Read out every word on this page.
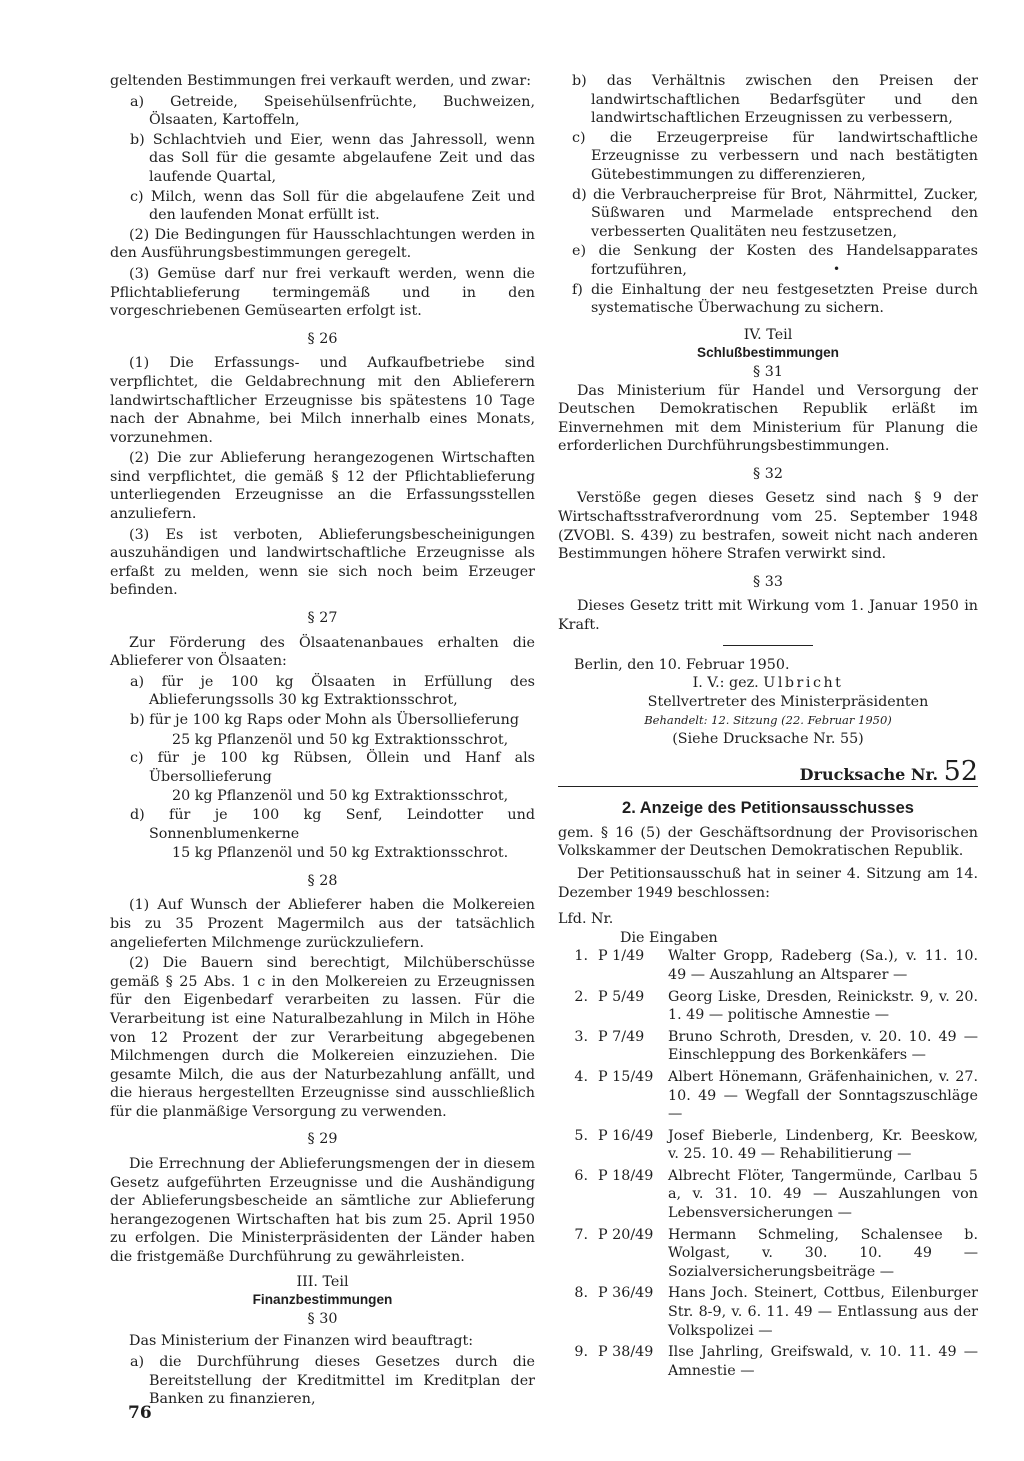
geltenden Bestimmungen frei verkauft werden, und zwar:
a) Getreide, Speisehülsenfrüchte, Buchweizen, Ölsaaten, Kartoffeln,
b) Schlachtvieh und Eier, wenn das Jahressoll, wenn das Soll für die gesamte abgelaufene Zeit und das laufende Quartal,
c) Milch, wenn das Soll für die abgelaufene Zeit und den laufenden Monat erfüllt ist.
(2) Die Bedingungen für Hausschlachtungen werden in den Ausführungsbestimmungen geregelt.
(3) Gemüse darf nur frei verkauft werden, wenn die Pflichtablieferung termingemäß und in den vorgeschriebenen Gemüsearten erfolgt ist.
§ 26
(1) Die Erfassungs- und Aufkaufbetriebe sind verpflichtet, die Geldabrechnung mit den Ablieferern landwirtschaftlicher Erzeugnisse bis spätestens 10 Tage nach der Abnahme, bei Milch innerhalb eines Monats, vorzunehmen.
(2) Die zur Ablieferung herangezogenen Wirtschaften sind verpflichtet, die gemäß § 12 der Pflichtablieferung unterliegenden Erzeugnisse an die Erfassungsstellen anzuliefern.
(3) Es ist verboten, Ablieferungsbescheinigungen auszuhändigen und landwirtschaftliche Erzeugnisse als erfaßt zu melden, wenn sie sich noch beim Erzeuger befinden.
§ 27
Zur Förderung des Ölsaatenanbaues erhalten die Ablieferer von Ölsaaten:
a) für je 100 kg Ölsaaten in Erfüllung des Ablieferungssolls 30 kg Extraktionsschrot,
b) für je 100 kg Raps oder Mohn als Übersollieferung
25 kg Pflanzenöl und 50 kg Extraktionsschrot,
c) für je 100 kg Rübsen, Öllein und Hanf als Übersollieferung
20 kg Pflanzenöl und 50 kg Extraktionsschrot,
d) für je 100 kg Senf, Leindotter und Sonnenblumenkerne
15 kg Pflanzenöl und 50 kg Extraktionsschrot.
§ 28
(1) Auf Wunsch der Ablieferer haben die Molkereien bis zu 35 Prozent Magermilch aus der tatsächlich angelieferten Milchmenge zurückzuliefern.
(2) Die Bauern sind berechtigt, Milchüberschüsse gemäß § 25 Abs. 1 c in den Molkereien zu Erzeugnissen für den Eigenbedarf verarbeiten zu lassen. Für die Verarbeitung ist eine Naturalbezahlung in Milch in Höhe von 12 Prozent der zur Verarbeitung abgegebenen Milchmengen durch die Molkereien einzuziehen. Die gesamte Milch, die aus der Naturbezahlung anfällt, und die hieraus hergestellten Erzeugnisse sind ausschließlich für die planmäßige Versorgung zu verwenden.
§ 29
Die Errechnung der Ablieferungsmengen der in diesem Gesetz aufgeführten Erzeugnisse und die Aushändigung der Ablieferungsbescheide an sämtliche zur Ablieferung herangezogenen Wirtschaften hat bis zum 25. April 1950 zu erfolgen. Die Ministerpräsidenten der Länder haben die fristgemäße Durchführung zu gewährleisten.
III. Teil
Finanzbestimmungen
§ 30
Das Ministerium der Finanzen wird beauftragt:
a) die Durchführung dieses Gesetzes durch die Bereitstellung der Kreditmittel im Kreditplan der Banken zu finanzieren,
b) das Verhältnis zwischen den Preisen der landwirtschaftlichen Bedarfsgüter und den landwirtschaftlichen Erzeugnissen zu verbessern,
c) die Erzeugerpreise für landwirtschaftliche Erzeugnisse zu verbessern und nach bestätigten Gütebestimmungen zu differenzieren,
d) die Verbraucherpreise für Brot, Nährmittel, Zucker, Süßwaren und Marmelade entsprechend den verbesserten Qualitäten neu festzusetzen,
e) die Senkung der Kosten des Handelsapparates fortzuführen,
f) die Einhaltung der neu festgesetzten Preise durch systematische Überwachung zu sichern.
IV. Teil
Schlußbestimmungen
§ 31
Das Ministerium für Handel und Versorgung der Deutschen Demokratischen Republik erläßt im Einvernehmen mit dem Ministerium für Planung die erforderlichen Durchführungsbestimmungen.
§ 32
Verstöße gegen dieses Gesetz sind nach § 9 der Wirtschaftsstrafverordnung vom 25. September 1948 (ZVOBl. S. 439) zu bestrafen, soweit nicht nach anderen Bestimmungen höhere Strafen verwirkt sind.
§ 33
Dieses Gesetz tritt mit Wirkung vom 1. Januar 1950 in Kraft.
Berlin, den 10. Februar 1950.
I. V.: gez. Ulbricht
Stellvertreter des Ministerpräsidenten
Behandelt: 12. Sitzung (22. Februar 1950)
(Siehe Drucksache Nr. 55)
Drucksache Nr. 52
2. Anzeige des Petitionsausschusses
gem. § 16 (5) der Geschäftsordnung der Provisorischen Volkskammer der Deutschen Demokratischen Republik.
Der Petitionsausschuß hat in seiner 4. Sitzung am 14. Dezember 1949 beschlossen:
Lfd. Nr.
Die Eingaben
1. P 1/49	Walter Gropp, Radeberg (Sa.), v. 11. 10. 49 — Auszahlung an Altsparer —
2. P 5/49	Georg Liske, Dresden, Reinickstr. 9, v. 20. 1. 49 — politische Amnestie —
3. P 7/49	Bruno Schroth, Dresden, v. 20. 10. 49 — Einschleppung des Borkenkäfers —
4. P 15/49	Albert Hönemann, Gräfenhainichen, v. 27. 10. 49 — Wegfall der Sonntagszuschläge —
5. P 16/49	Josef Bieberle, Lindenberg, Kr. Beeskow, v. 25. 10. 49 — Rehabilitierung —
6. P 18/49	Albrecht Flöter, Tangermünde, Carlbau 5 a, v. 31. 10. 49 — Auszahlungen von Lebensversicherungen —
7. P 20/49	Hermann Schmeling, Schalensee b. Wolgast, v. 30. 10. 49 — Sozialversicherungsbeiträge —
8. P 36/49	Hans Joch. Steinert, Cottbus, Eilenburger Str. 8-9, v. 6. 11. 49 — Entlassung aus der Volkspolizei —
9. P 38/49	Ilse Jahrling, Greifswald, v. 10. 11. 49 — Amnestie —
•
76
